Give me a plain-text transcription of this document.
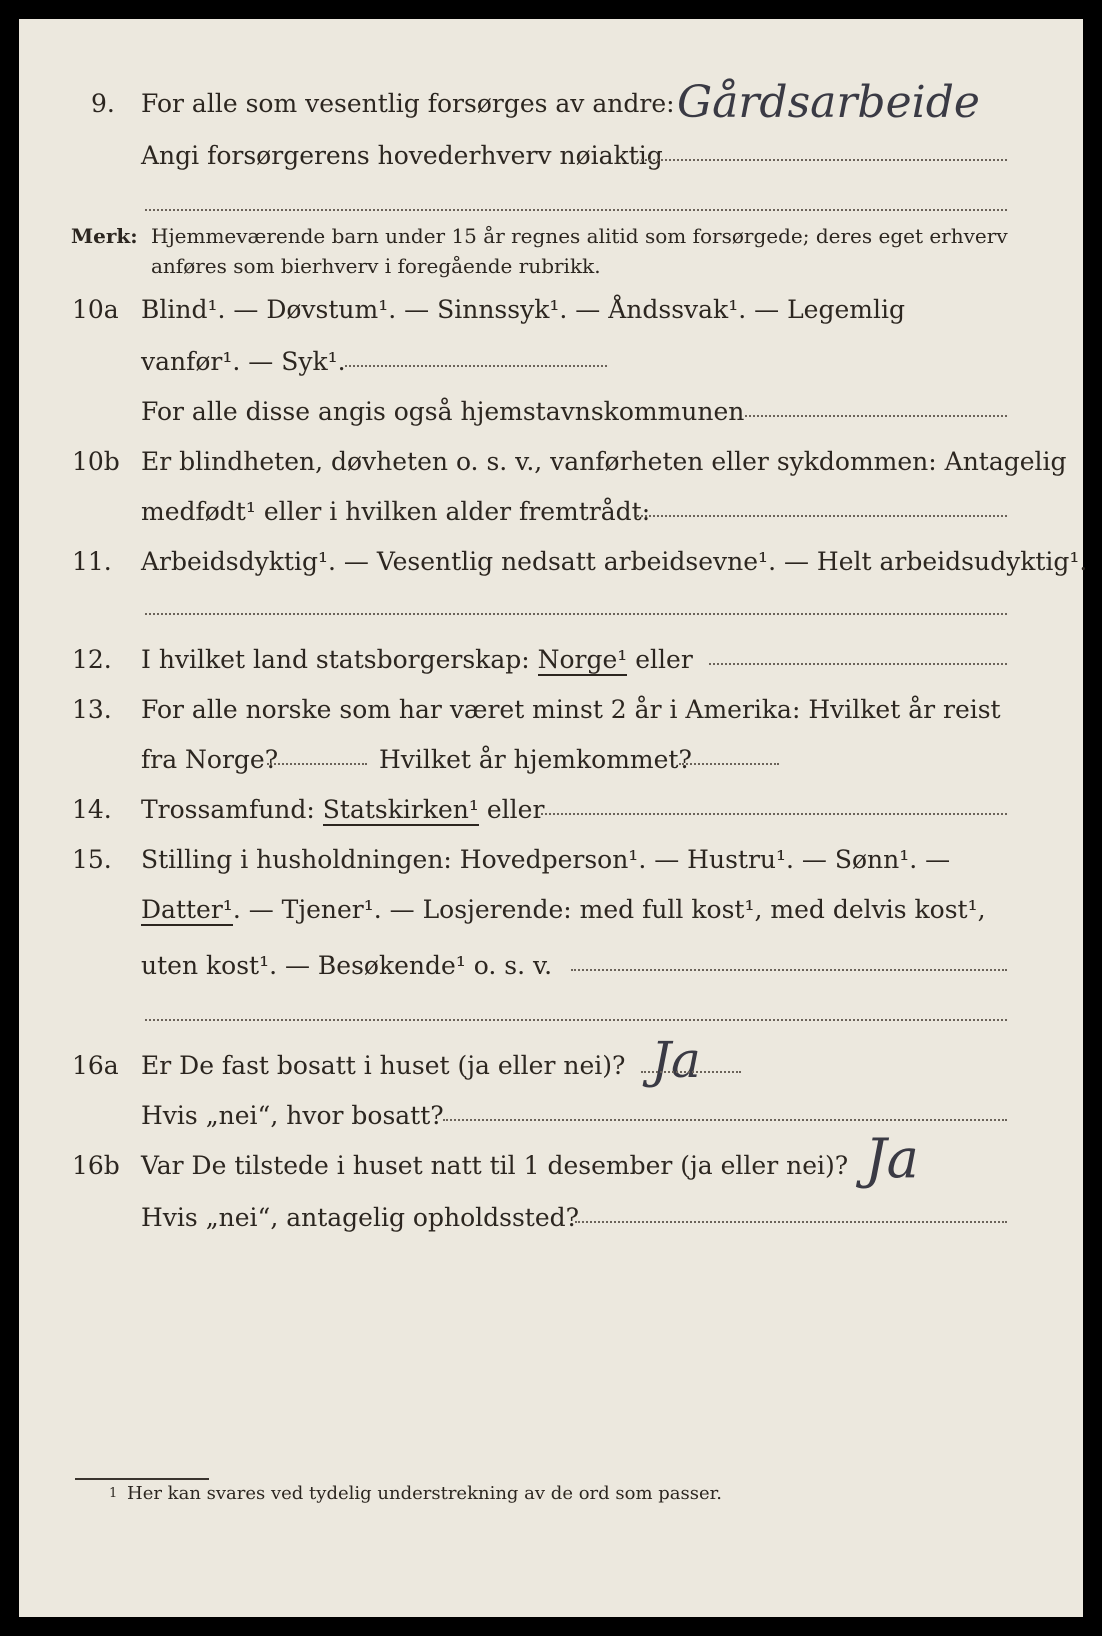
9. For alle som vesentlig forsørges av andre: Gårdsarbeide
Angi forsørgerens hovederhverv nøiaktig
Merk: Hjemmeværende barn under 15 år regnes alitid som forsørgede; deres eget erhverv
anføres som bierhverv i foregående rubrikk.
10a Blind¹. — Døvstum¹. — Sinnssyk¹. — Åndssvak¹. — Legemlig
vanfør¹. — Syk¹.
For alle disse angis også hjemstavnskommunen
10b Er blindheten, døvheten o. s. v., vanførheten eller sykdommen: Antagelig
medfødt¹ eller i hvilken alder fremtrådt:
11. Arbeidsdyktig¹. — Vesentlig nedsatt arbeidsevne¹. — Helt arbeidsudyktig¹.
12. I hvilket land statsborgerskap: Norge¹ eller
13. For alle norske som har været minst 2 år i Amerika: Hvilket år reist
fra Norge?	Hvilket år hjemkommet?
14. Trossamfund: Statskirken¹ eller
15. Stilling i husholdningen: Hovedperson¹. — Hustru¹. — Sønn¹. —
Datter¹. — Tjener¹. — Losjerende: med full kost¹, med delvis kost¹,
uten kost¹. — Besøkende¹ o. s. v.
16a Er De fast bosatt i huset (ja eller nei)? Ja
Hvis „nei“, hvor bosatt?
16b Var De tilstede i huset natt til 1 desember (ja eller nei)? Ja
Hvis „nei“, antagelig opholdssted?
1 Her kan svares ved tydelig understrekning av de ord som passer.
